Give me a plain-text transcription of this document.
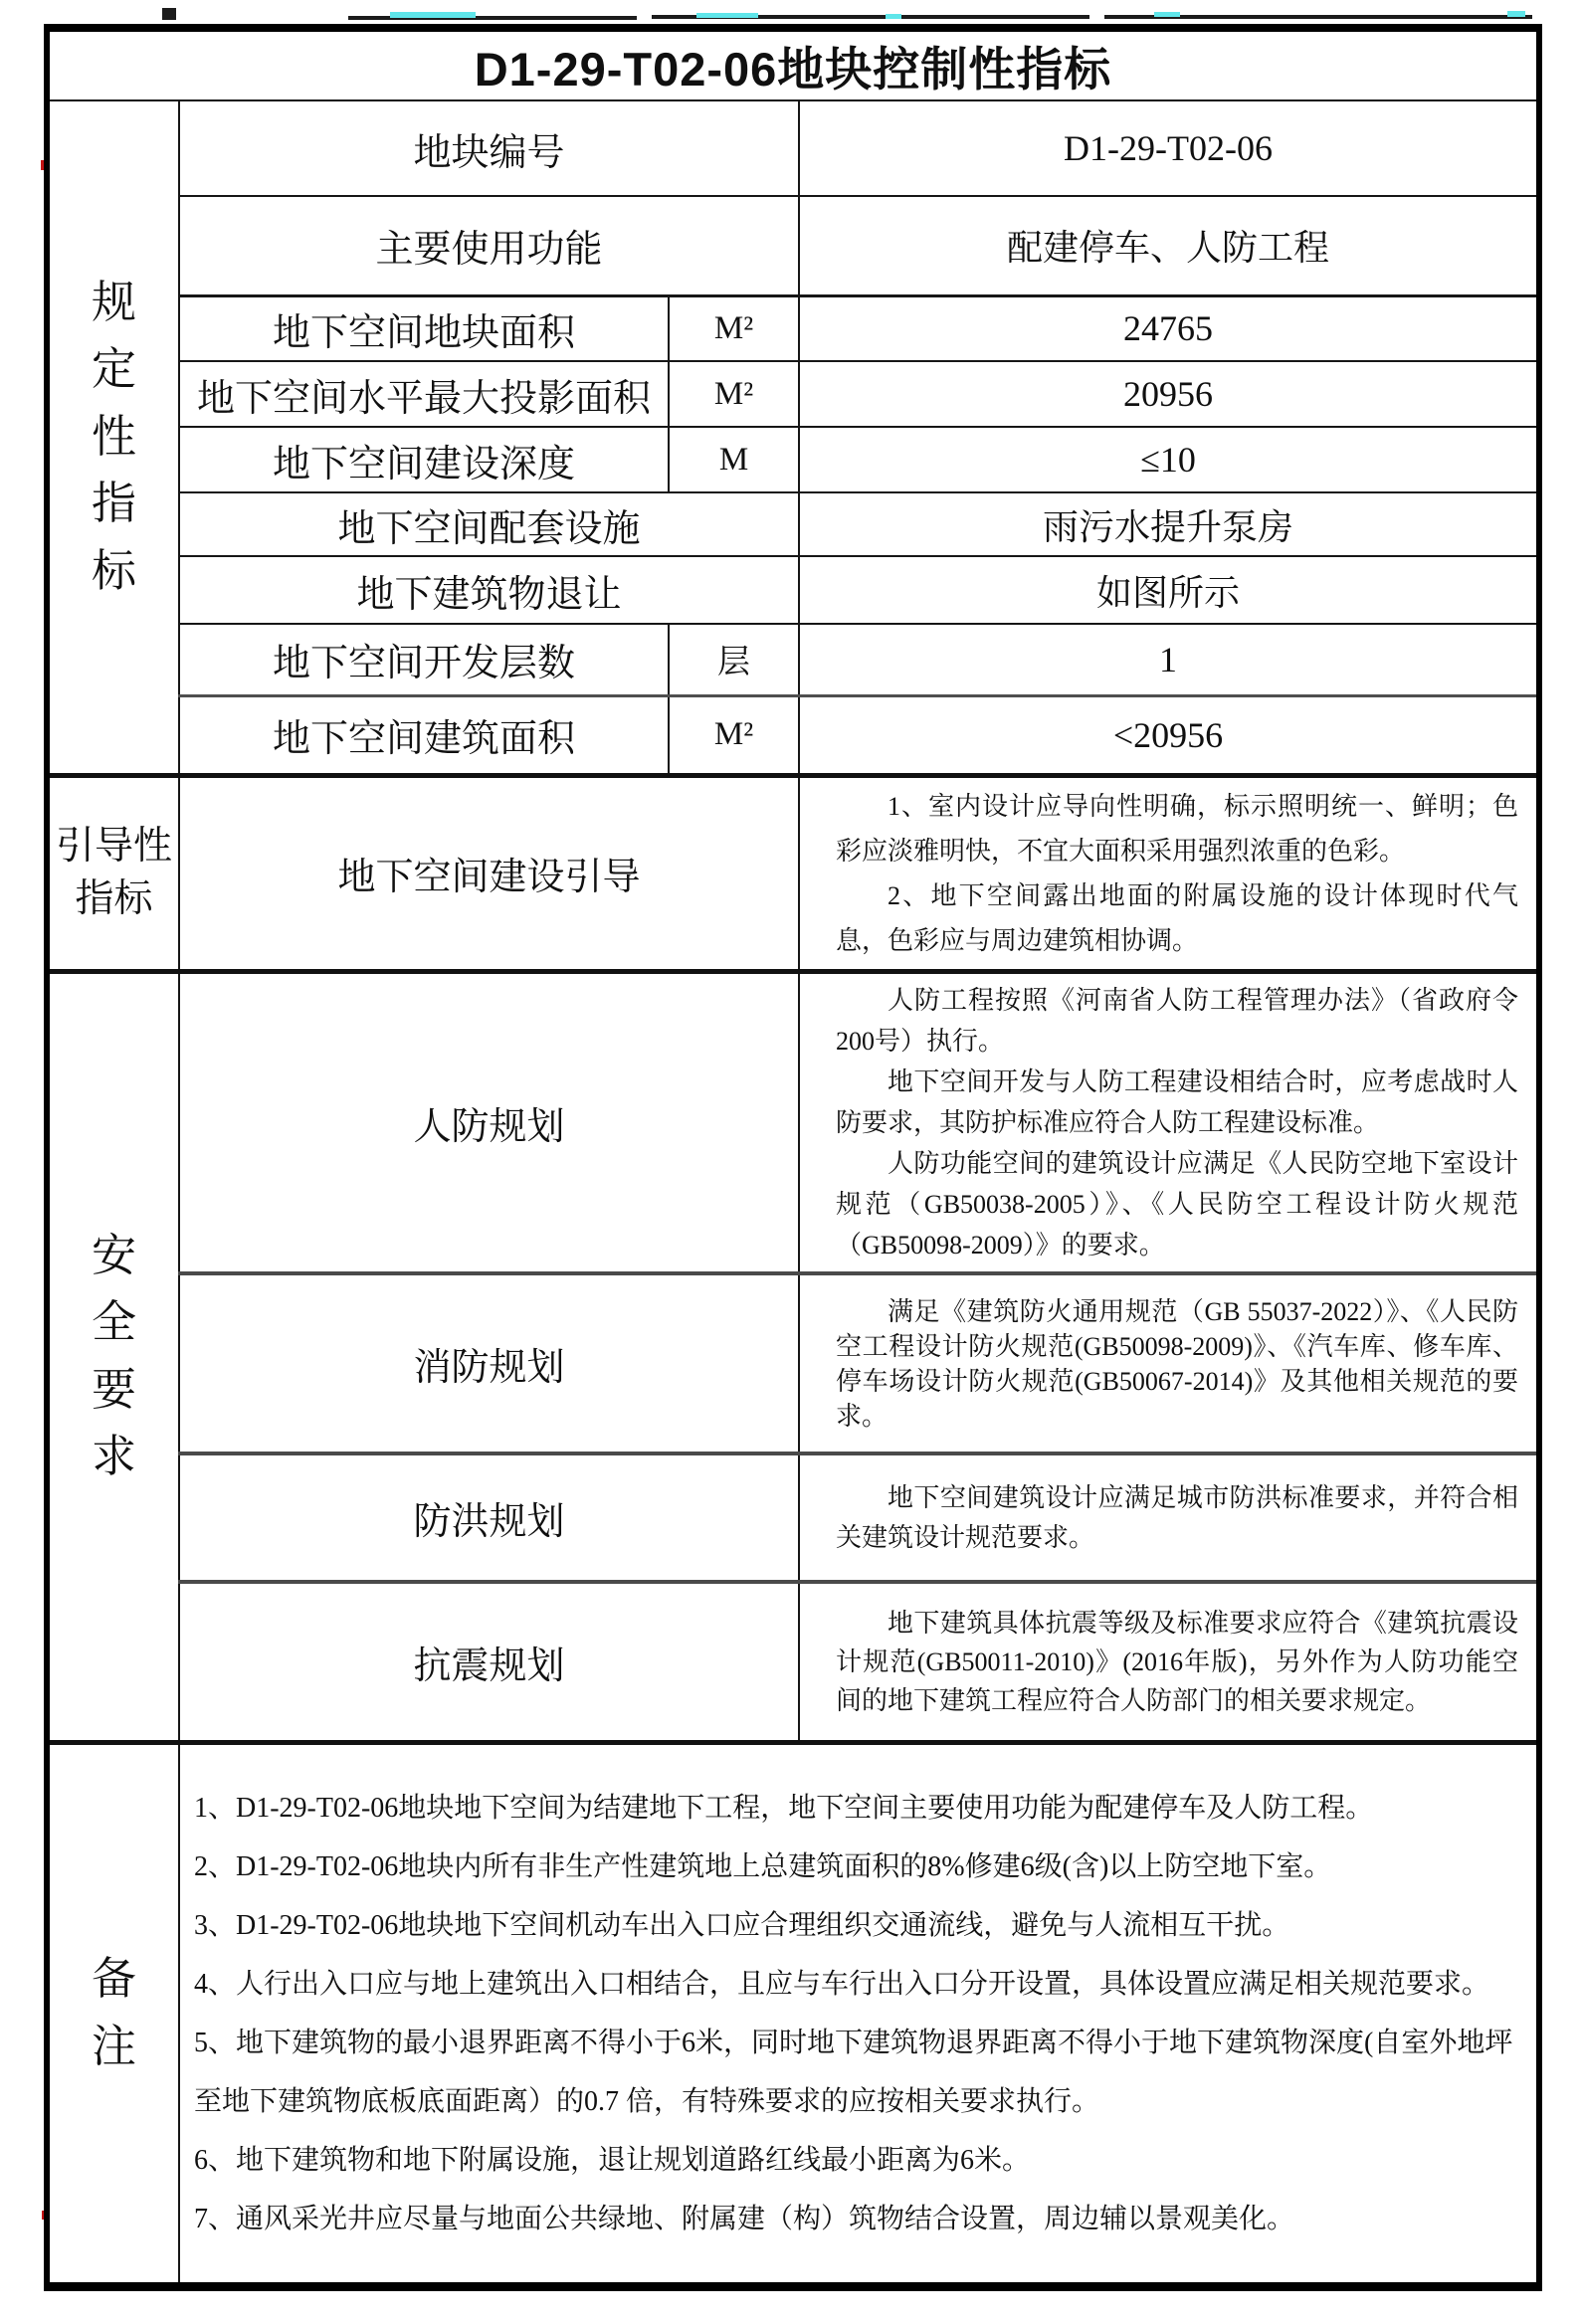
D1-29-T02-06地块控制性指标			

规定性指标	地块编号		D1-29-T02-06
	主要使用功能		配建停车、人防工程
	地下空间地块面积	M²	24765
	地下空间水平最大投影面积	M²	20956
	地下空间建设深度	M	≤10
	地下空间配套设施		雨污水提升泵房
	地下建筑物退让		如图所示
	地下空间开发层数	层	1
	地下空间建筑面积	M²	<20956

引导性指标	地下空间建设引导		1、室内设计应导向性明确，标示照明统一、鲜明；色彩应淡雅明快，不宜大面积采用强烈浓重的色彩。

2、地下空间露出地面的附属设施的设计体现时代气息，色彩应与周边建筑相协调。

安全要求	人防规划		人防工程按照《河南省人防工程管理办法》（省政府令200号）执行。

地下空间开发与人防工程建设相结合时，应考虑战时人防要求，其防护标准应符合人防工程建设标准。

人防功能空间的建筑设计应满足《人民防空地下室设计规范（GB50038-2005）》、《人民防空工程设计防火规范（GB50098-2009）》的要求。

	消防规划		满足《建筑防火通用规范（GB 55037-2022）》、《人民防空工程设计防火规范(GB50098-2009)》、《汽车库、修车库、停车场设计防火规范(GB50067-2014)》及其他相关规范的要求。

	防洪规划		地下空间建筑设计应满足城市防洪标准要求，并符合相关建筑设计规范要求。

	抗震规划		地下建筑具体抗震等级及标准要求应符合《建筑抗震设计规范(GB50011-2010)》(2016年版)，另外作为人防功能空间的地下建筑工程应符合人防部门的相关要求规定。

备注

1、D1-29-T02-06地块地下空间为结建地下工程，地下空间主要使用功能为配建停车及人防工程。
2、D1-29-T02-06地块内所有非生产性建筑地上总建筑面积的8%修建6级(含)以上防空地下室。
3、D1-29-T02-06地块地下空间机动车出入口应合理组织交通流线，避免与人流相互干扰。
4、人行出入口应与地上建筑出入口相结合，且应与车行出入口分开设置，具体设置应满足相关规范要求。
5、地下建筑物的最小退界距离不得小于6米，同时地下建筑物退界距离不得小于地下建筑物深度(自室外地坪至地下建筑物底板底面距离）的0.7 倍，有特殊要求的应按相关要求执行。
6、地下建筑物和地下附属设施，退让规划道路红线最小距离为6米。
7、通风采光井应尽量与地面公共绿地、附属建（构）筑物结合设置，周边辅以景观美化。
